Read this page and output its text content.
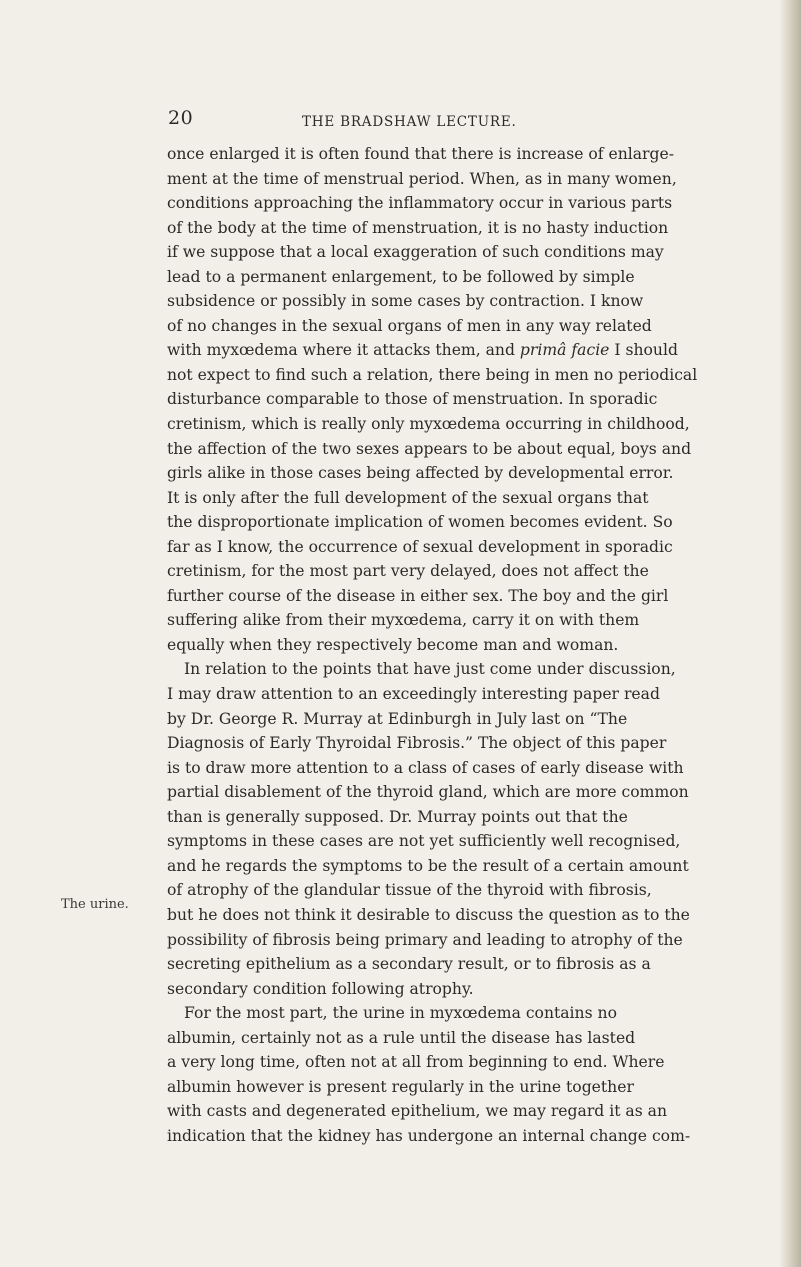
20	THE BRADSHAW LECTURE.
The urine.
once enlarged it is often found that there is increase of enlarge-
ment at the time of menstrual period. When, as in many women,
conditions approaching the inflammatory occur in various parts
of the body at the time of menstruation, it is no hasty induction
if we suppose that a local exaggeration of such conditions may
lead to a permanent enlargement, to be followed by simple
subsidence or possibly in some cases by contraction. I know
of no changes in the sexual organs of men in any way related
with myxœdema where it attacks them, and primâ facie I should
not expect to find such a relation, there being in men no periodical
disturbance comparable to those of menstruation. In sporadic
cretinism, which is really only myxœdema occurring in childhood,
the affection of the two sexes appears to be about equal, boys and
girls alike in those cases being affected by developmental error.
It is only after the full development of the sexual organs that
the disproportionate implication of women becomes evident. So
far as I know, the occurrence of sexual development in sporadic
cretinism, for the most part very delayed, does not affect the
further course of the disease in either sex. The boy and the girl
suffering alike from their myxœdema, carry it on with them
equally when they respectively become man and woman.
In relation to the points that have just come under discussion,
I may draw attention to an exceedingly interesting paper read
by Dr. George R. Murray at Edinburgh in July last on “The
Diagnosis of Early Thyroidal Fibrosis.” The object of this paper
is to draw more attention to a class of cases of early disease with
partial disablement of the thyroid gland, which are more common
than is generally supposed. Dr. Murray points out that the
symptoms in these cases are not yet sufficiently well recognised,
and he regards the symptoms to be the result of a certain amount
of atrophy of the glandular tissue of the thyroid with fibrosis,
but he does not think it desirable to discuss the question as to the
possibility of fibrosis being primary and leading to atrophy of the
secreting epithelium as a secondary result, or to fibrosis as a
secondary condition following atrophy.
For the most part, the urine in myxœdema contains no
albumin, certainly not as a rule until the disease has lasted
a very long time, often not at all from beginning to end. Where
albumin however is present regularly in the urine together
with casts and degenerated epithelium, we may regard it as an
indication that the kidney has undergone an internal change com-
